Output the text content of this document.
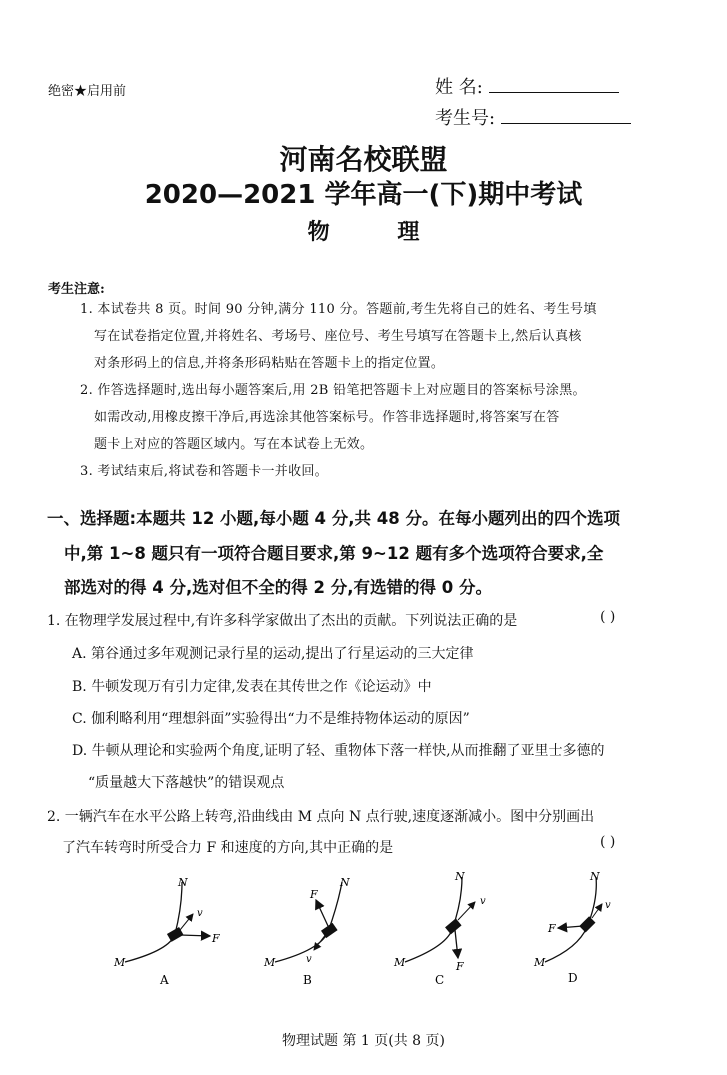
绝密★启用前	姓 名:
考生号:
河南名校联盟
2020—2021 学年高一(下)期中考试
物 理
考生注意:
1. 本试卷共 8 页。时间 90 分钟,满分 110 分。答题前,考生先将自己的姓名、考生号填
写在试卷指定位置,并将姓名、考场号、座位号、考生号填写在答题卡上,然后认真核
对条形码上的信息,并将条形码粘贴在答题卡上的指定位置。
2. 作答选择题时,选出每小题答案后,用 2B 铅笔把答题卡上对应题目的答案标号涂黑。
如需改动,用橡皮擦干净后,再选涂其他答案标号。作答非选择题时,将答案写在答
题卡上对应的答题区域内。写在本试卷上无效。
3. 考试结束后,将试卷和答题卡一并收回。
一、选择题:本题共 12 小题,每小题 4 分,共 48 分。在每小题列出的四个选项
中,第 1~8 题只有一项符合题目要求,第 9~12 题有多个选项符合要求,全
部选对的得 4 分,选对但不全的得 2 分,有选错的得 0 分。
1. 在物理学发展过程中,有许多科学家做出了杰出的贡献。下列说法正确的是	( )
A. 第谷通过多年观测记录行星的运动,提出了行星运动的三大定律
B. 牛顿发现万有引力定律,发表在其传世之作《论运动》中
C. 伽利略利用“理想斜面”实验得出“力不是维持物体运动的原因”
D. 牛顿从理论和实验两个角度,证明了轻、重物体下落一样快,从而推翻了亚里士多德的
“质量越大下落越快”的错误观点
2. 一辆汽车在水平公路上转弯,沿曲线由 M 点向 N 点行驶,速度逐渐减小。图中分别画出
了汽车转弯时所受合力 F 和速度的方向,其中正确的是	( )
N
M
F
v
A
N
M
F
v
B
N
M	F
v
C
N
M
F
v
D
物理试题 第 1 页(共 8 页)
